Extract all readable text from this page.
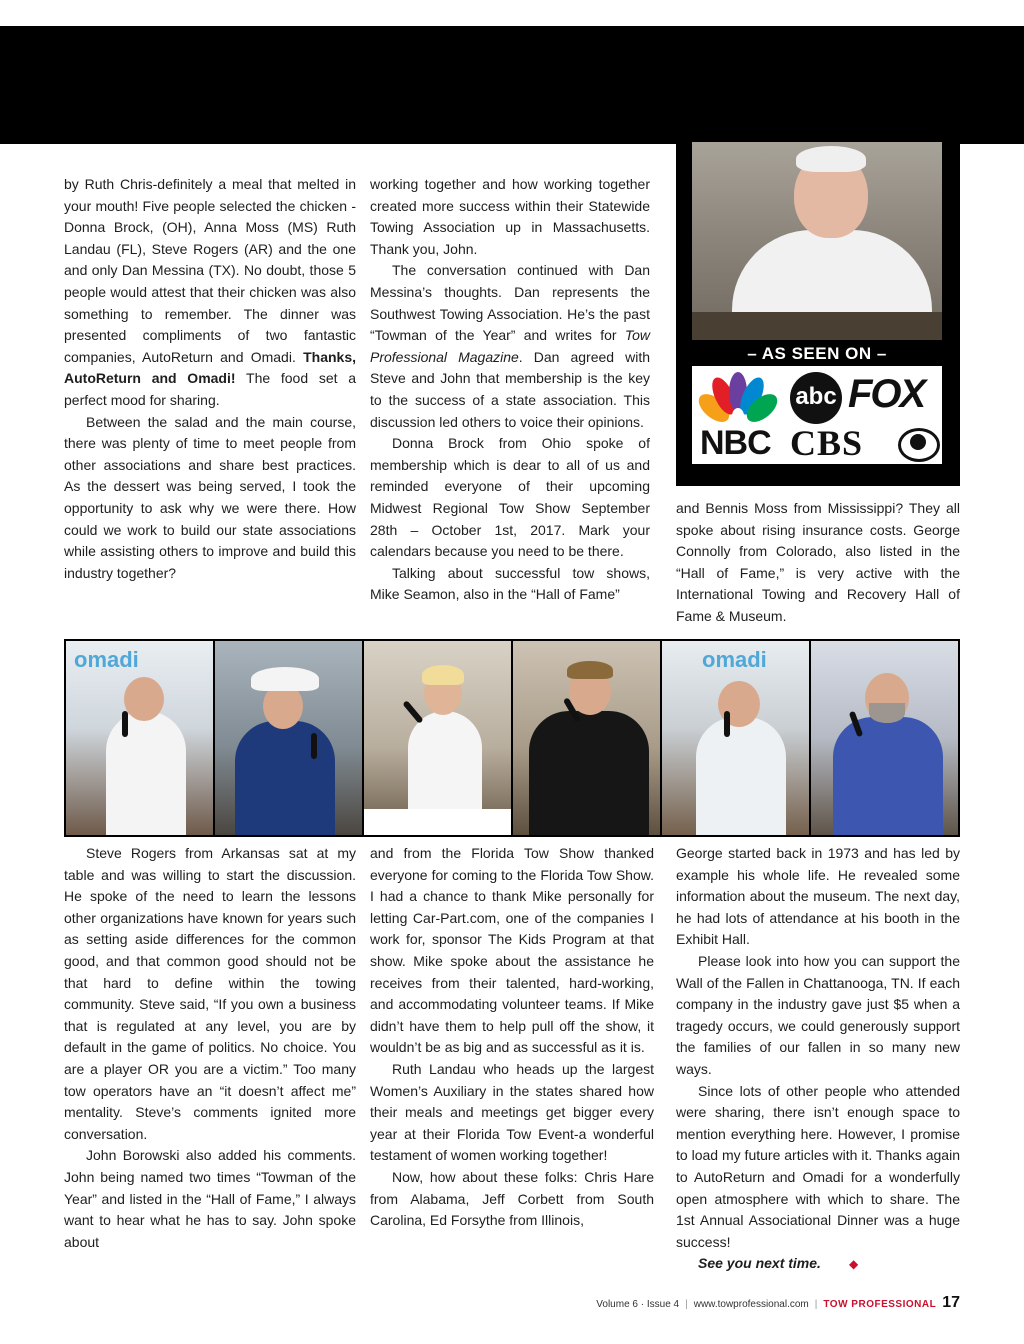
by Ruth Chris-definitely a meal that melted in your mouth! Five people selected the chicken - Donna Brock, (OH), Anna Moss (MS) Ruth Landau (FL), Steve Rogers (AR) and the one and only Dan Messina (TX). No doubt, those 5 people would attest that their chicken was also something to remember. The dinner was presented compliments of two fantastic companies, AutoReturn and Omadi. Thanks, AutoReturn and Omadi! The food set a perfect mood for sharing.

Between the salad and the main course, there was plenty of time to meet people from other associations and share best practices. As the dessert was being served, I took the opportunity to ask why we were there. How could we work to build our state associations while assisting others to improve and build this industry together?

working together and how working together created more success within their Statewide Towing Association up in Massachusetts. Thank you, John.

The conversation continued with Dan Messina’s thoughts. Dan represents the Southwest Towing Association. He’s the past “Towman of the Year” and writes for Tow Professional Magazine. Dan agreed with Steve and John that membership is the key to the success of a state association. This discussion led others to voice their opinions.

Donna Brock from Ohio spoke of membership which is dear to all of us and reminded everyone of their upcoming Midwest Regional Tow Show September 28th – October 1st, 2017. Mark your calendars because you need to be there.

Talking about successful tow shows, Mike Seamon, also in the “Hall of Fame”

– AS SEEN ON –
NBC
abc FOX
CBS

and Bennis Moss from Mississippi? They all spoke about rising insurance costs. George Connolly from Colorado, also listed in the “Hall of Fame,” is very active with the International Towing and Recovery Hall of Fame & Museum.

omadi	omadi

Steve Rogers from Arkansas sat at my table and was willing to start the discussion. He spoke of the need to learn the lessons other organizations have known for years such as setting aside differences for the common good, and that common good should not be that hard to define within the towing community. Steve said, “If you own a business that is regulated at any level, you are by default in the game of politics. No choice. You are a player OR you are a victim.” Too many tow operators have an “it doesn’t affect me” mentality. Steve’s comments ignited more conversation.

John Borowski also added his comments. John being named two times “Towman of the Year” and listed in the “Hall of Fame,” I always want to hear what he has to say. John spoke about

and from the Florida Tow Show thanked everyone for coming to the Florida Tow Show. I had a chance to thank Mike personally for letting Car-Part.com, one of the companies I work for, sponsor The Kids Program at that show. Mike spoke about the assistance he receives from their talented, hard-working, and accommodating volunteer teams. If Mike didn’t have them to help pull off the show, it wouldn’t be as big and as successful as it is.

Ruth Landau who heads up the largest Women’s Auxiliary in the states shared how their meals and meetings get bigger every year at their Florida Tow Event-a wonderful testament of women working together!

Now, how about these folks: Chris Hare from Alabama, Jeff Corbett from South Carolina, Ed Forsythe from Illinois,

George started back in 1973 and has led by example his whole life. He revealed some information about the museum. The next day, he had lots of attendance at his booth in the Exhibit Hall.

Please look into how you can support the Wall of the Fallen in Chattanooga, TN. If each company in the industry gave just $5 when a tragedy occurs, we could generously support the families of our fallen in so many new ways.

Since lots of other people who attended were sharing, there isn’t enough space to mention everything here. However, I promise to load my future articles with it. Thanks again to AutoReturn and Omadi for a wonderfully open atmosphere with which to share. The 1st Annual Associational Dinner was a huge success!

See you next time. ◆

Volume 6 · Issue 4 | www.towprofessional.com | TOW PROFESSIONAL 17
